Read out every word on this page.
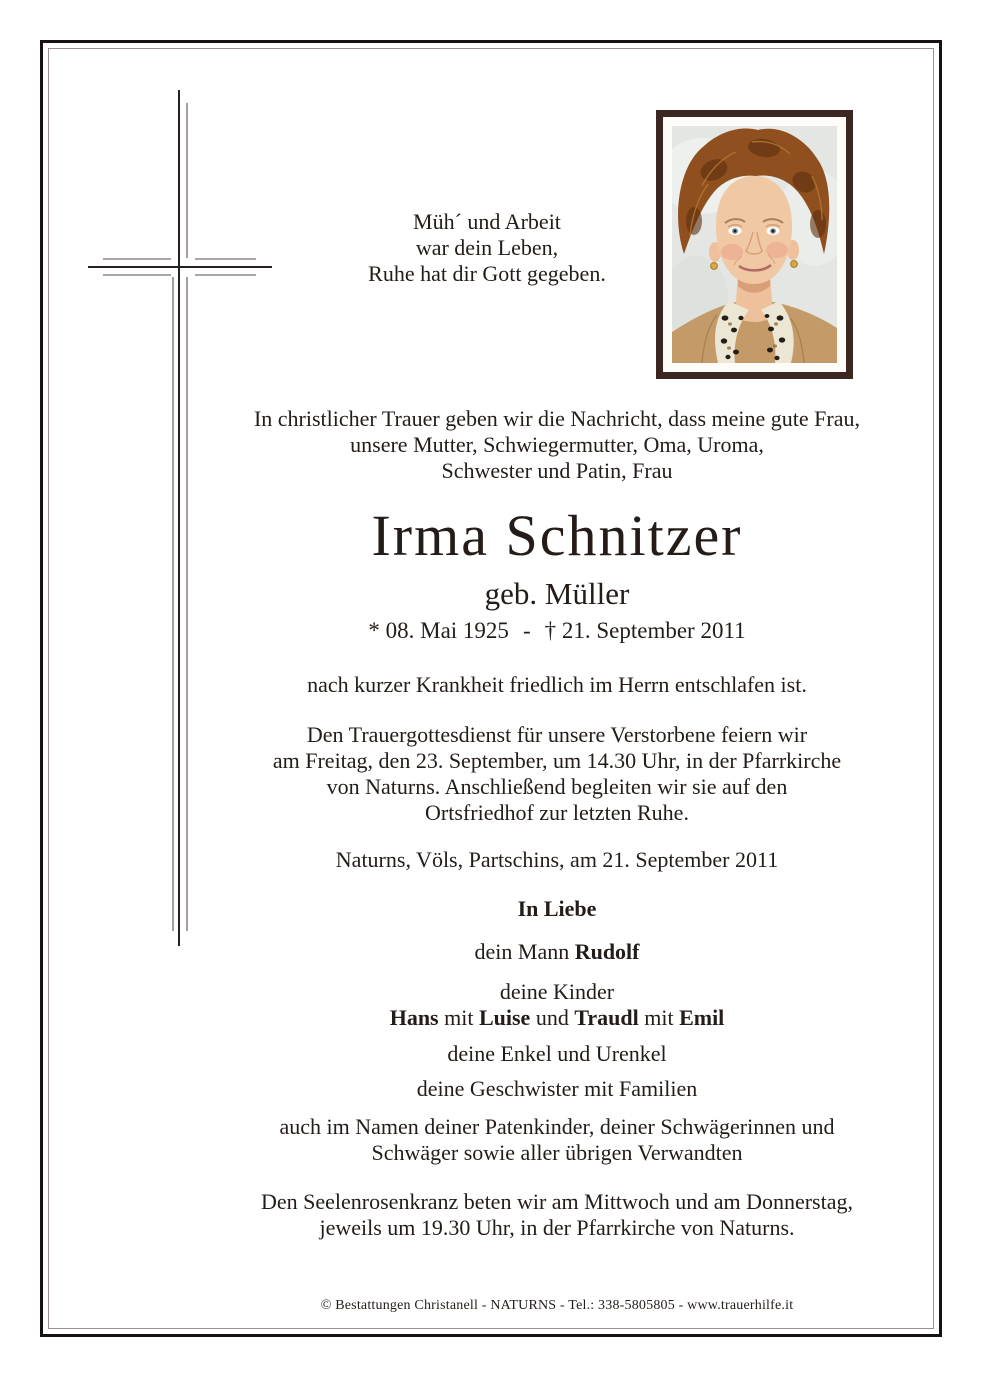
Müh´ und Arbeit
war dein Leben,
Ruhe hat dir Gott gegeben.
In christlicher Trauer geben wir die Nachricht, dass meine gute Frau,
unsere Mutter, Schwiegermutter, Oma, Uroma,
Schwester und Patin, Frau
Irma Schnitzer
geb. Müller
* 08. Mai 1925 - † 21. September 2011
nach kurzer Krankheit friedlich im Herrn entschlafen ist.
Den Trauergottesdienst für unsere Verstorbene feiern wir
am Freitag, den 23. September, um 14.30 Uhr, in der Pfarrkirche
von Naturns. Anschließend begleiten wir sie auf den
Ortsfriedhof zur letzten Ruhe.
Naturns, Völs, Partschins, am 21. September 2011
In Liebe
dein Mann Rudolf
deine Kinder
Hans mit Luise und Traudl mit Emil
deine Enkel und Urenkel
deine Geschwister mit Familien
auch im Namen deiner Patenkinder, deiner Schwägerinnen und
Schwäger sowie aller übrigen Verwandten
Den Seelenrosenkranz beten wir am Mittwoch und am Donnerstag,
jeweils um 19.30 Uhr, in der Pfarrkirche von Naturns.
© Bestattungen Christanell - NATURNS - Tel.: 338-5805805 - www.trauerhilfe.it
